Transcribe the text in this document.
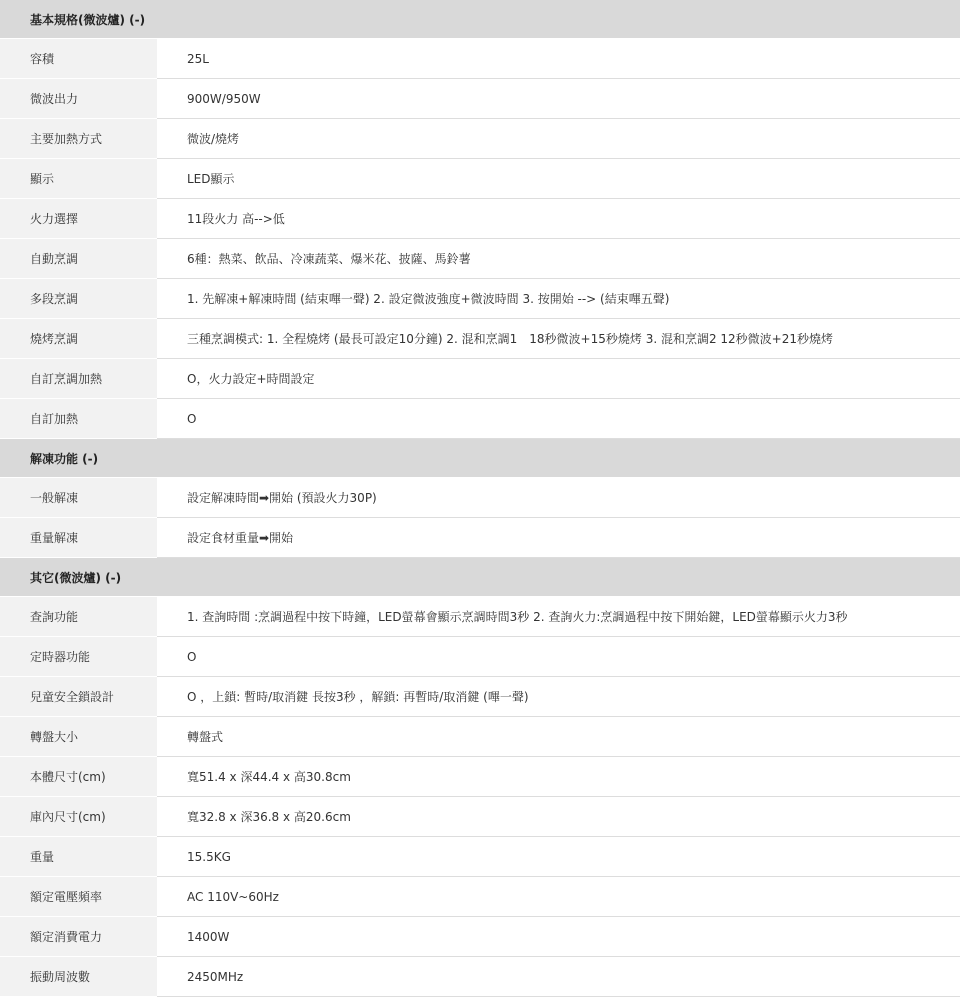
基本規格(微波爐) (-)
容積	25L
微波出力	900W/950W
主要加熱方式	微波/燒烤
顯示	LED顯示
火力選擇	11段火力 高-->低
自動烹調	6種：熱菜、飲品、冷凍蔬菜、爆米花、披薩、馬鈴薯
多段烹調	1. 先解凍+解凍時間 (結束嗶一聲) 2. 設定微波強度+微波時間 3. 按開始 --> (結束嗶五聲)
燒烤烹調	三種烹調模式: 1. 全程燒烤 (最長可設定10分鐘) 2. 混和烹調1　18秒微波+15秒燒烤 3. 混和烹調2 12秒微波+21秒燒烤
自訂烹調加熱	O，火力設定+時間設定
自訂加熱	O
解凍功能 (-)
一般解凍	設定解凍時間➡開始 (預設火力30P)
重量解凍	設定食材重量➡開始
其它(微波爐) (-)
查詢功能	1. 查詢時間 :烹調過程中按下時鐘，LED螢幕會顯示烹調時間3秒 2. 查詢火力:烹調過程中按下開始鍵，LED螢幕顯示火力3秒
定時器功能	O
兒童安全鎖設計	O ，上鎖: 暫時/取消鍵 長按3秒 ，解鎖: 再暫時/取消鍵 (嗶一聲)
轉盤大小	轉盤式
本體尺寸(cm)	寬51.4 x 深44.4 x 高30.8cm
庫內尺寸(cm)	寬32.8 x 深36.8 x 高20.6cm
重量	15.5KG
額定電壓頻率	AC 110V~60Hz
額定消費電力	1400W
振動周波數	2450MHz
